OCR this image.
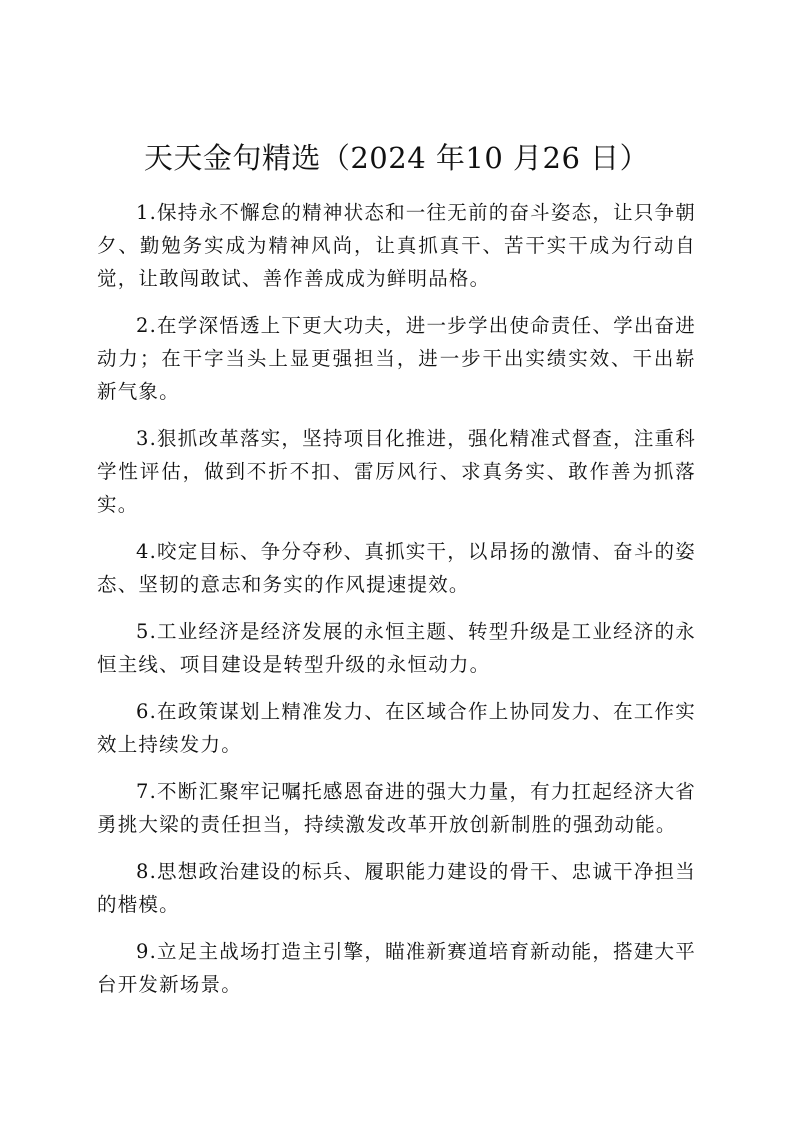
天天金句精选（2024 年10 月26 日）
1.保持永不懈怠的精神状态和一往无前的奋斗姿态，让只争朝夕、勤勉务实成为精神风尚，让真抓真干、苦干实干成为行动自觉，让敢闯敢试、善作善成成为鲜明品格。
2.在学深悟透上下更大功夫，进一步学出使命责任、学出奋进动力；在干字当头上显更强担当，进一步干出实绩实效、干出崭新气象。
3.狠抓改革落实，坚持项目化推进，强化精准式督查，注重科学性评估，做到不折不扣、雷厉风行、求真务实、敢作善为抓落实。
4.咬定目标、争分夺秒、真抓实干，以昂扬的激情、奋斗的姿态、坚韧的意志和务实的作风提速提效。
5.工业经济是经济发展的永恒主题、转型升级是工业经济的永恒主线、项目建设是转型升级的永恒动力。
6.在政策谋划上精准发力、在区域合作上协同发力、在工作实效上持续发力。
7.不断汇聚牢记嘱托感恩奋进的强大力量，有力扛起经济大省勇挑大梁的责任担当，持续激发改革开放创新制胜的强劲动能。
8.思想政治建设的标兵、履职能力建设的骨干、忠诚干净担当的楷模。
9.立足主战场打造主引擎，瞄准新赛道培育新动能，搭建大平台开发新场景。
